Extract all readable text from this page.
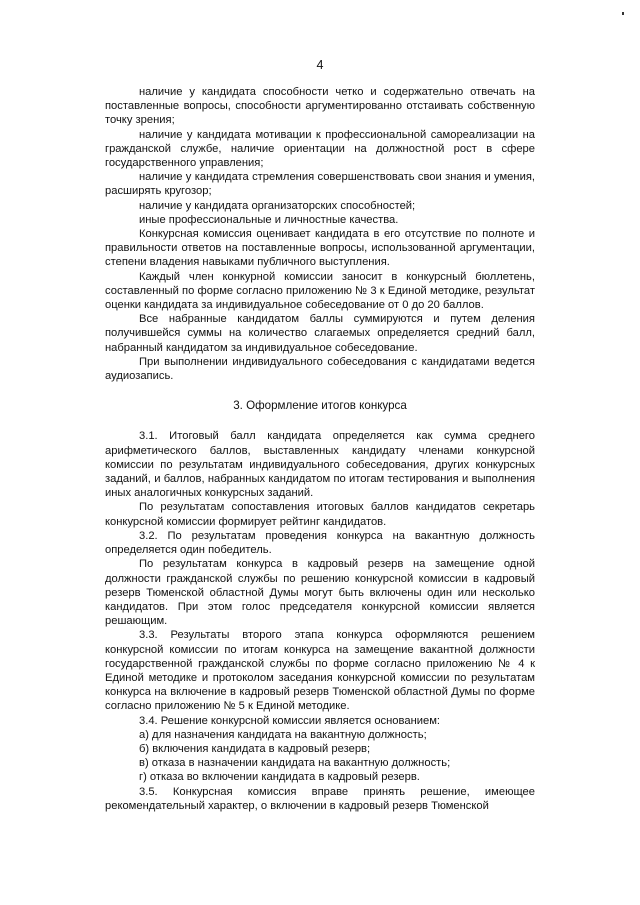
4

наличие у кандидата способности четко и содержательно отвечать на поставленные вопросы, способности аргументированно отстаивать собственную точку зрения;

наличие у кандидата мотивации к профессиональной самореализации на гражданской службе, наличие ориентации на должностной рост в сфере государственного управления;

наличие у кандидата стремления совершенствовать свои знания и умения, расширять кругозор;

наличие у кандидата организаторских способностей;

иные профессиональные и личностные качества.

Конкурсная комиссия оценивает кандидата в его отсутствие по полноте и правильности ответов на поставленные вопросы, использованной аргументации, степени владения навыками публичного выступления.

Каждый член конкурной комиссии заносит в конкурсный бюллетень, составленный по форме согласно приложению № 3 к Единой методике, результат оценки кандидата за индивидуальное собеседование от 0 до 20 баллов.

Все набранные кандидатом баллы суммируются и путем деления получившейся суммы на количество слагаемых определяется средний балл, набранный кандидатом за индивидуальное собеседование.

При выполнении индивидуального собеседования с кандидатами ведется аудиозапись.

3. Оформление итогов конкурса

3.1. Итоговый балл кандидата определяется как сумма среднего арифметического баллов, выставленных кандидату членами конкурсной комиссии по результатам индивидуального собеседования, других конкурсных заданий, и баллов, набранных кандидатом по итогам тестирования и выполнения иных аналогичных конкурсных заданий.

По результатам сопоставления итоговых баллов кандидатов секретарь конкурсной комиссии формирует рейтинг кандидатов.

3.2. По результатам проведения конкурса на вакантную должность определяется один победитель.

По результатам конкурса в кадровый резерв на замещение одной должности гражданской службы по решению конкурсной комиссии в кадровый резерв Тюменской областной Думы могут быть включены один или несколько кандидатов. При этом голос председателя конкурсной комиссии является решающим.

3.3. Результаты второго этапа конкурса оформляются решением конкурсной комиссии по итогам конкурса на замещение вакантной должности государственной гражданской службы по форме согласно приложению № 4 к Единой методике и протоколом заседания конкурсной комиссии по результатам конкурса на включение в кадровый резерв Тюменской областной Думы по форме согласно приложению № 5 к Единой методике.

3.4. Решение конкурсной комиссии является основанием:

а) для назначения кандидата на вакантную должность;

б) включения кандидата в кадровый резерв;

в) отказа в назначении кандидата на вакантную должность;

г) отказа во включении кандидата в кадровый резерв.

3.5. Конкурсная комиссия вправе принять решение, имеющее рекомендательный характер, о включении в кадровый резерв Тюменской
